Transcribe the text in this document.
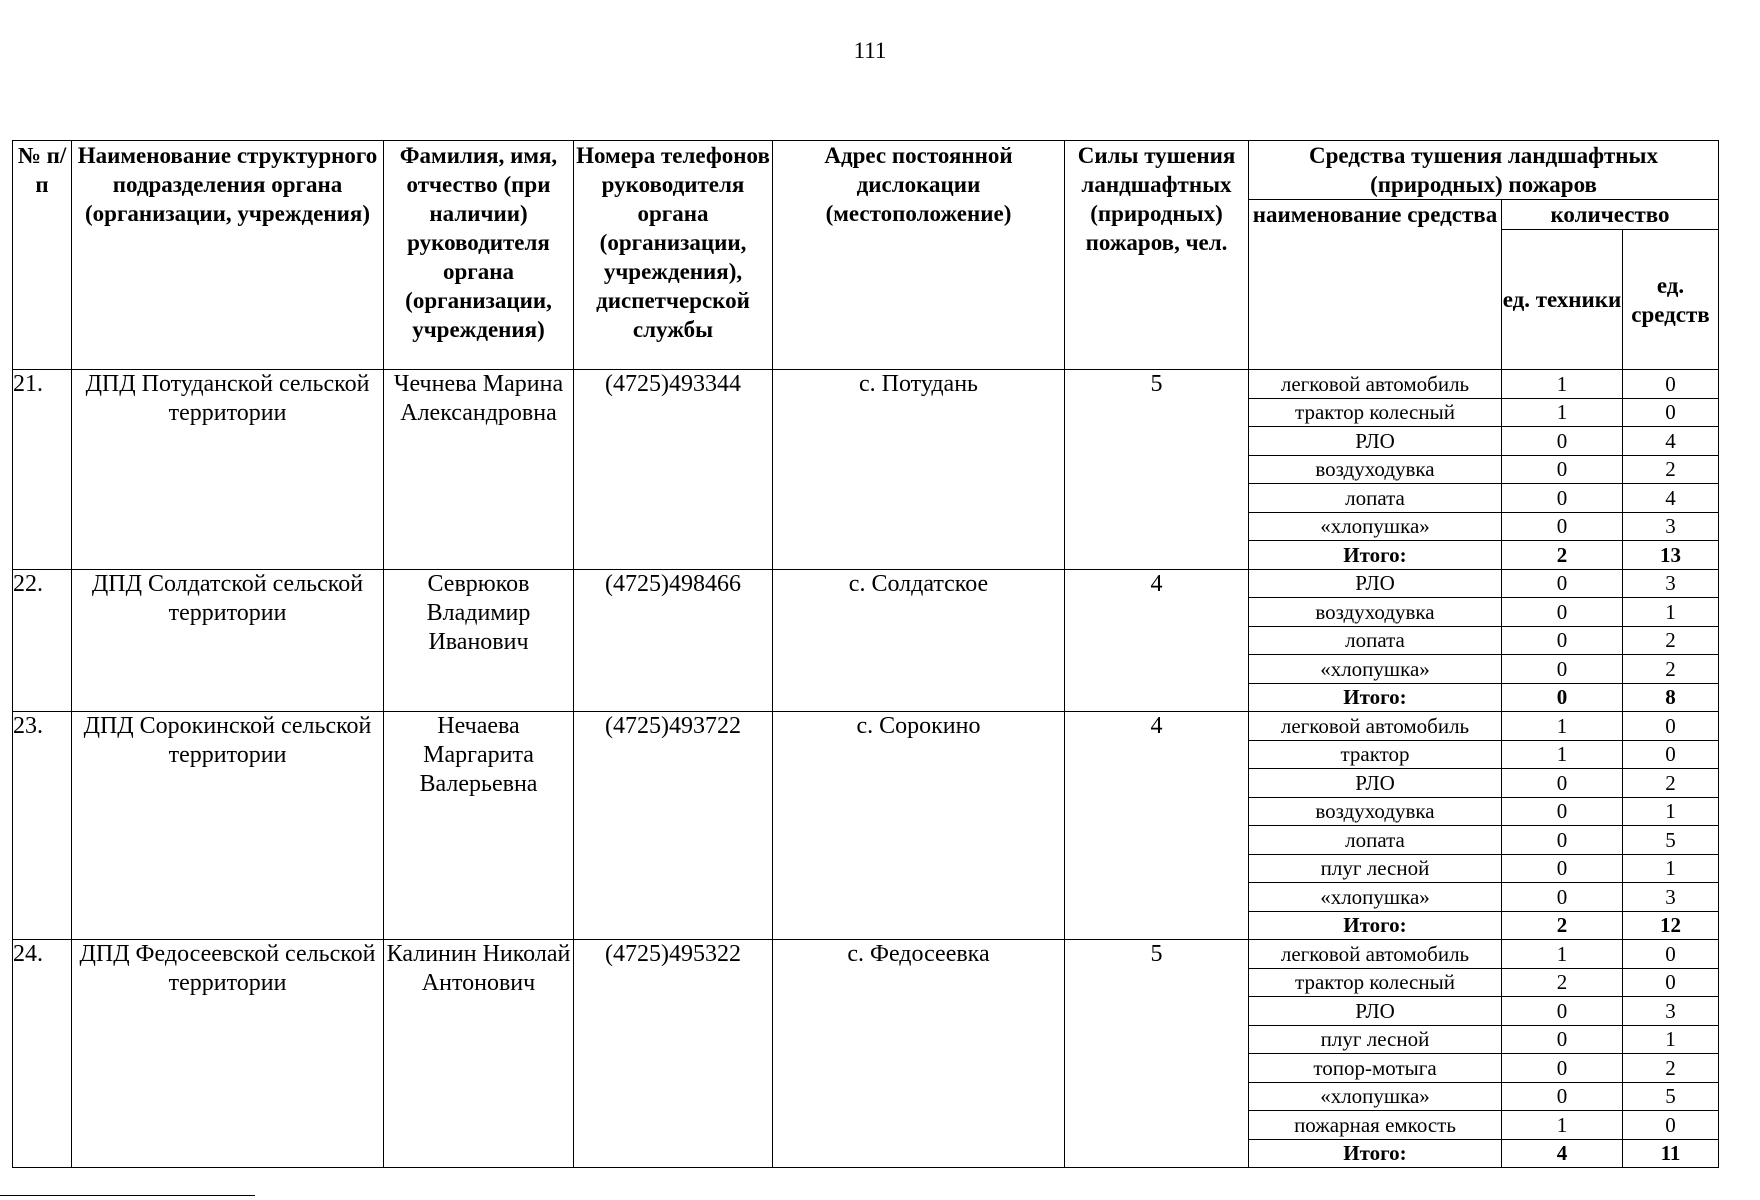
111
№ п/п	Наименование структурного подразделения органа (организации, учреждения)	Фамилия, имя, отчество (при наличии) руководителя органа (организации, учреждения)	Номера телефонов руководителя органа (организации, учреждения), диспетчерской службы	Адрес постоянной дислокации (местоположение)	Силы тушения ландшафтных (природных) пожаров, чел.	Средства тушения ландшафтных (природных) пожаров		
						наименование средства	количество	
							ед. техники	ед. средств
21.	ДПД Потуданской сельской территории	Чечнева Марина Александровна	(4725)493344	с. Потудань	5	легковой автомобиль	1	0
						трактор колесный	1	0
						РЛО	0	4
						воздуходувка	0	2
						лопата	0	4
						«хлопушка»	0	3
						Итого:	2	13
22.	ДПД Солдатской сельской территории	Севрюков Владимир Иванович	(4725)498466	с. Солдатское	4	РЛО	0	3
						воздуходувка	0	1
						лопата	0	2
						«хлопушка»	0	2
						Итого:	0	8
23.	ДПД Сорокинской сельской территории	Нечаева Маргарита Валерьевна	(4725)493722	с. Сорокино	4	легковой автомобиль	1	0
						трактор	1	0
						РЛО	0	2
						воздуходувка	0	1
						лопата	0	5
						плуг лесной	0	1
						«хлопушка»	0	3
						Итого:	2	12
24.	ДПД Федосеевской сельской территории	Калинин Николай Антонович	(4725)495322	с. Федосеевка	5	легковой автомобиль	1	0
						трактор колесный	2	0
						РЛО	0	3
						плуг лесной	0	1
						топор-мотыга	0	2
						«хлопушка»	0	5
						пожарная емкость	1	0
						Итого:	4	11
